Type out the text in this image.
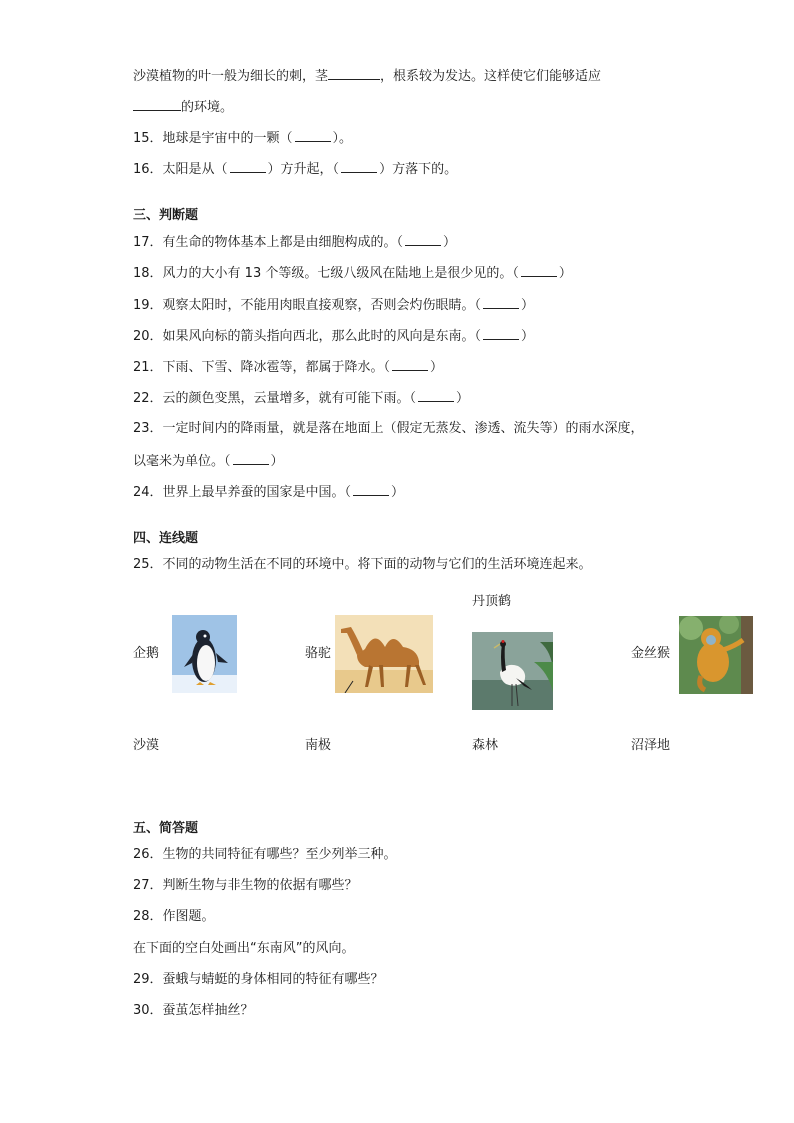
沙漠植物的叶一般为细长的刺，茎	，根系较为发达。这样使它们能够适应
的环境。
15．地球是宇宙中的一颗（	）。
16．太阳是从（	）方升起，（	）方落下的。
三、判断题
17．有生命的物体基本上都是由细胞构成的。（	）
18．风力的大小有 13 个等级。七级八级风在陆地上是很少见的。（	）
19．观察太阳时，不能用肉眼直接观察，否则会灼伤眼睛。（	）
20．如果风向标的箭头指向西北，那么此时的风向是东南。（	）
21．下雨、下雪、降冰雹等，都属于降水。（	）
22．云的颜色变黑，云量增多，就有可能下雨。（	）
23．一定时间内的降雨量，就是落在地面上（假定无蒸发、渗透、流失等）的雨水深度，
以毫米为单位。（	）
24．世界上最早养蚕的国家是中国。（	）
四、连线题
25．不同的动物生活在不同的环境中。将下面的动物与它们的生活环境连起来。
企鹅	骆驼
丹顶鹤
金丝猴
沙漠	南极	森林	沼泽地
五、简答题
26．生物的共同特征有哪些？至少列举三种。
27．判断生物与非生物的依据有哪些？
28．作图题。
在下面的空白处画出“东南风”的风向。
29．蚕蛾与蜻蜓的身体相同的特征有哪些？
30．蚕茧怎样抽丝？
